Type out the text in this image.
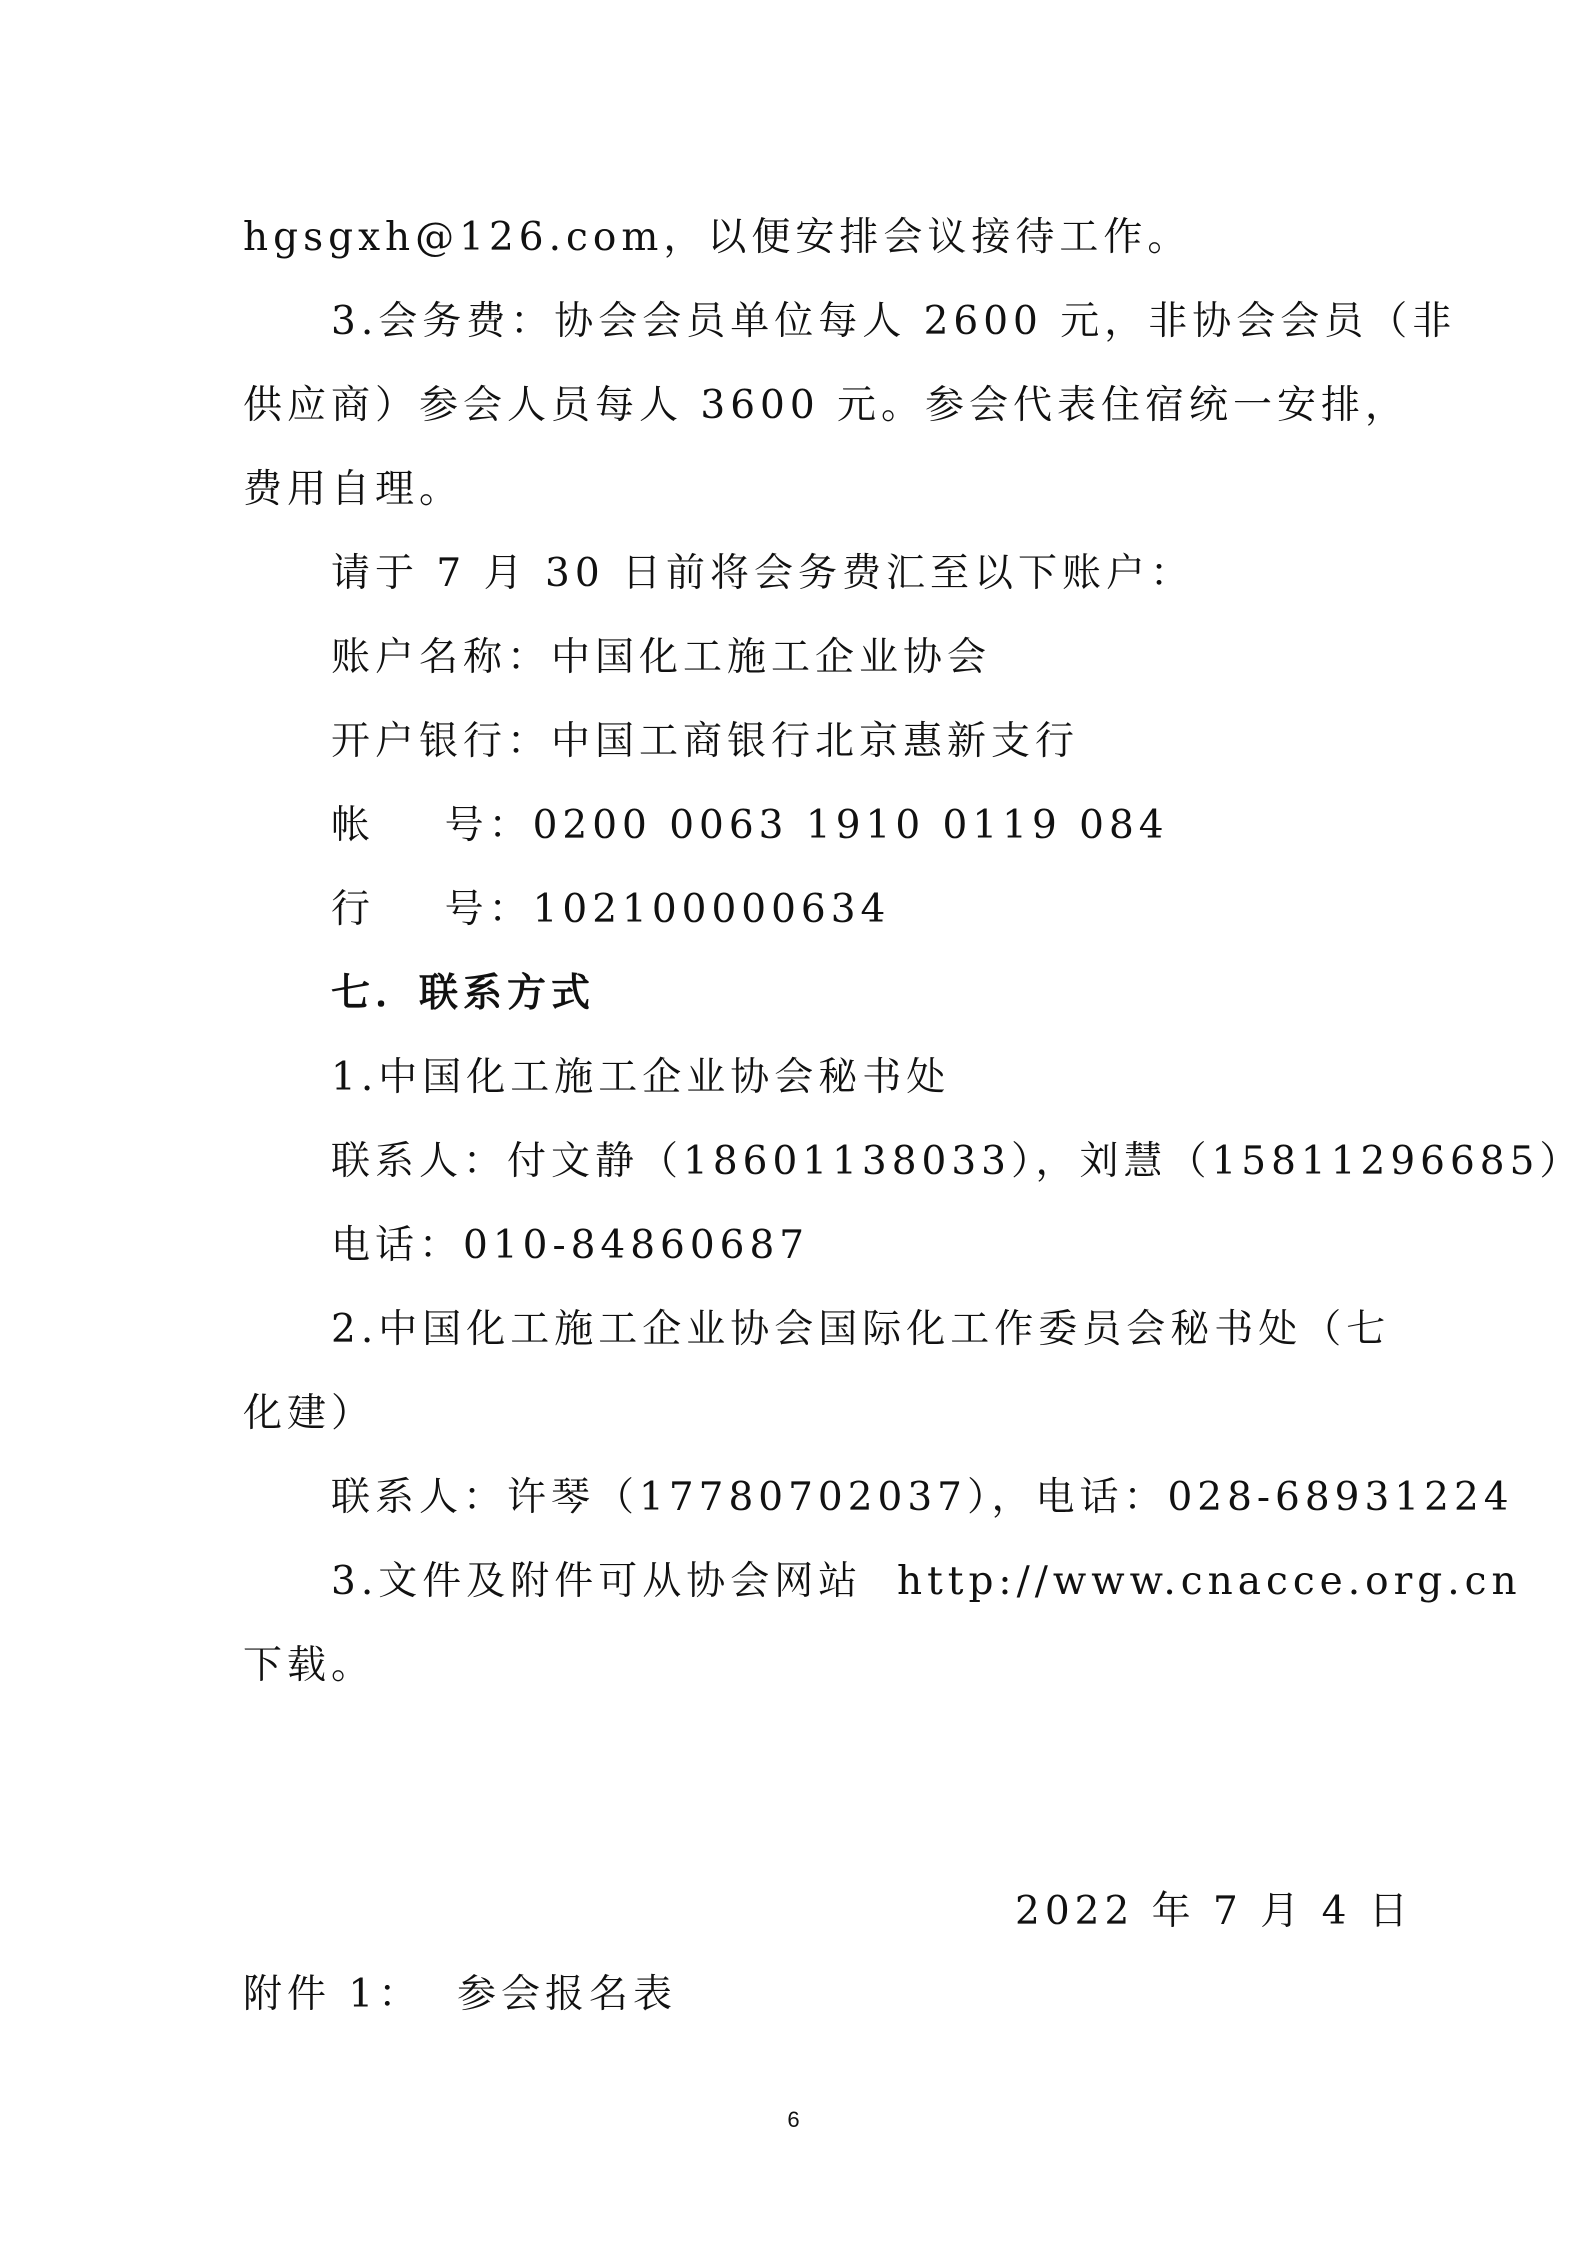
hgsgxh@126.com，以便安排会议接待工作。
3.会务费：协会会员单位每人 2600 元，非协会会员（非
供应商）参会人员每人 3600 元。参会代表住宿统一安排，
费用自理。
请于 7 月 30 日前将会务费汇至以下账户：
账户名称：中国化工施工企业协会
开户银行：中国工商银行北京惠新支行
帐    号：0200 0063 1910 0119 084
行    号：102100000634
七．联系方式
1.中国化工施工企业协会秘书处
联系人：付文静（18601138033），刘慧（15811296685）
电话：010-84860687
2.中国化工施工企业协会国际化工作委员会秘书处（七
化建）
联系人：许琴（17780702037），电话：028-68931224
3.文件及附件可从协会网站  http://www.cnacce.org.cn
下载。
2022 年 7 月 4 日
附件 1：  参会报名表
6
